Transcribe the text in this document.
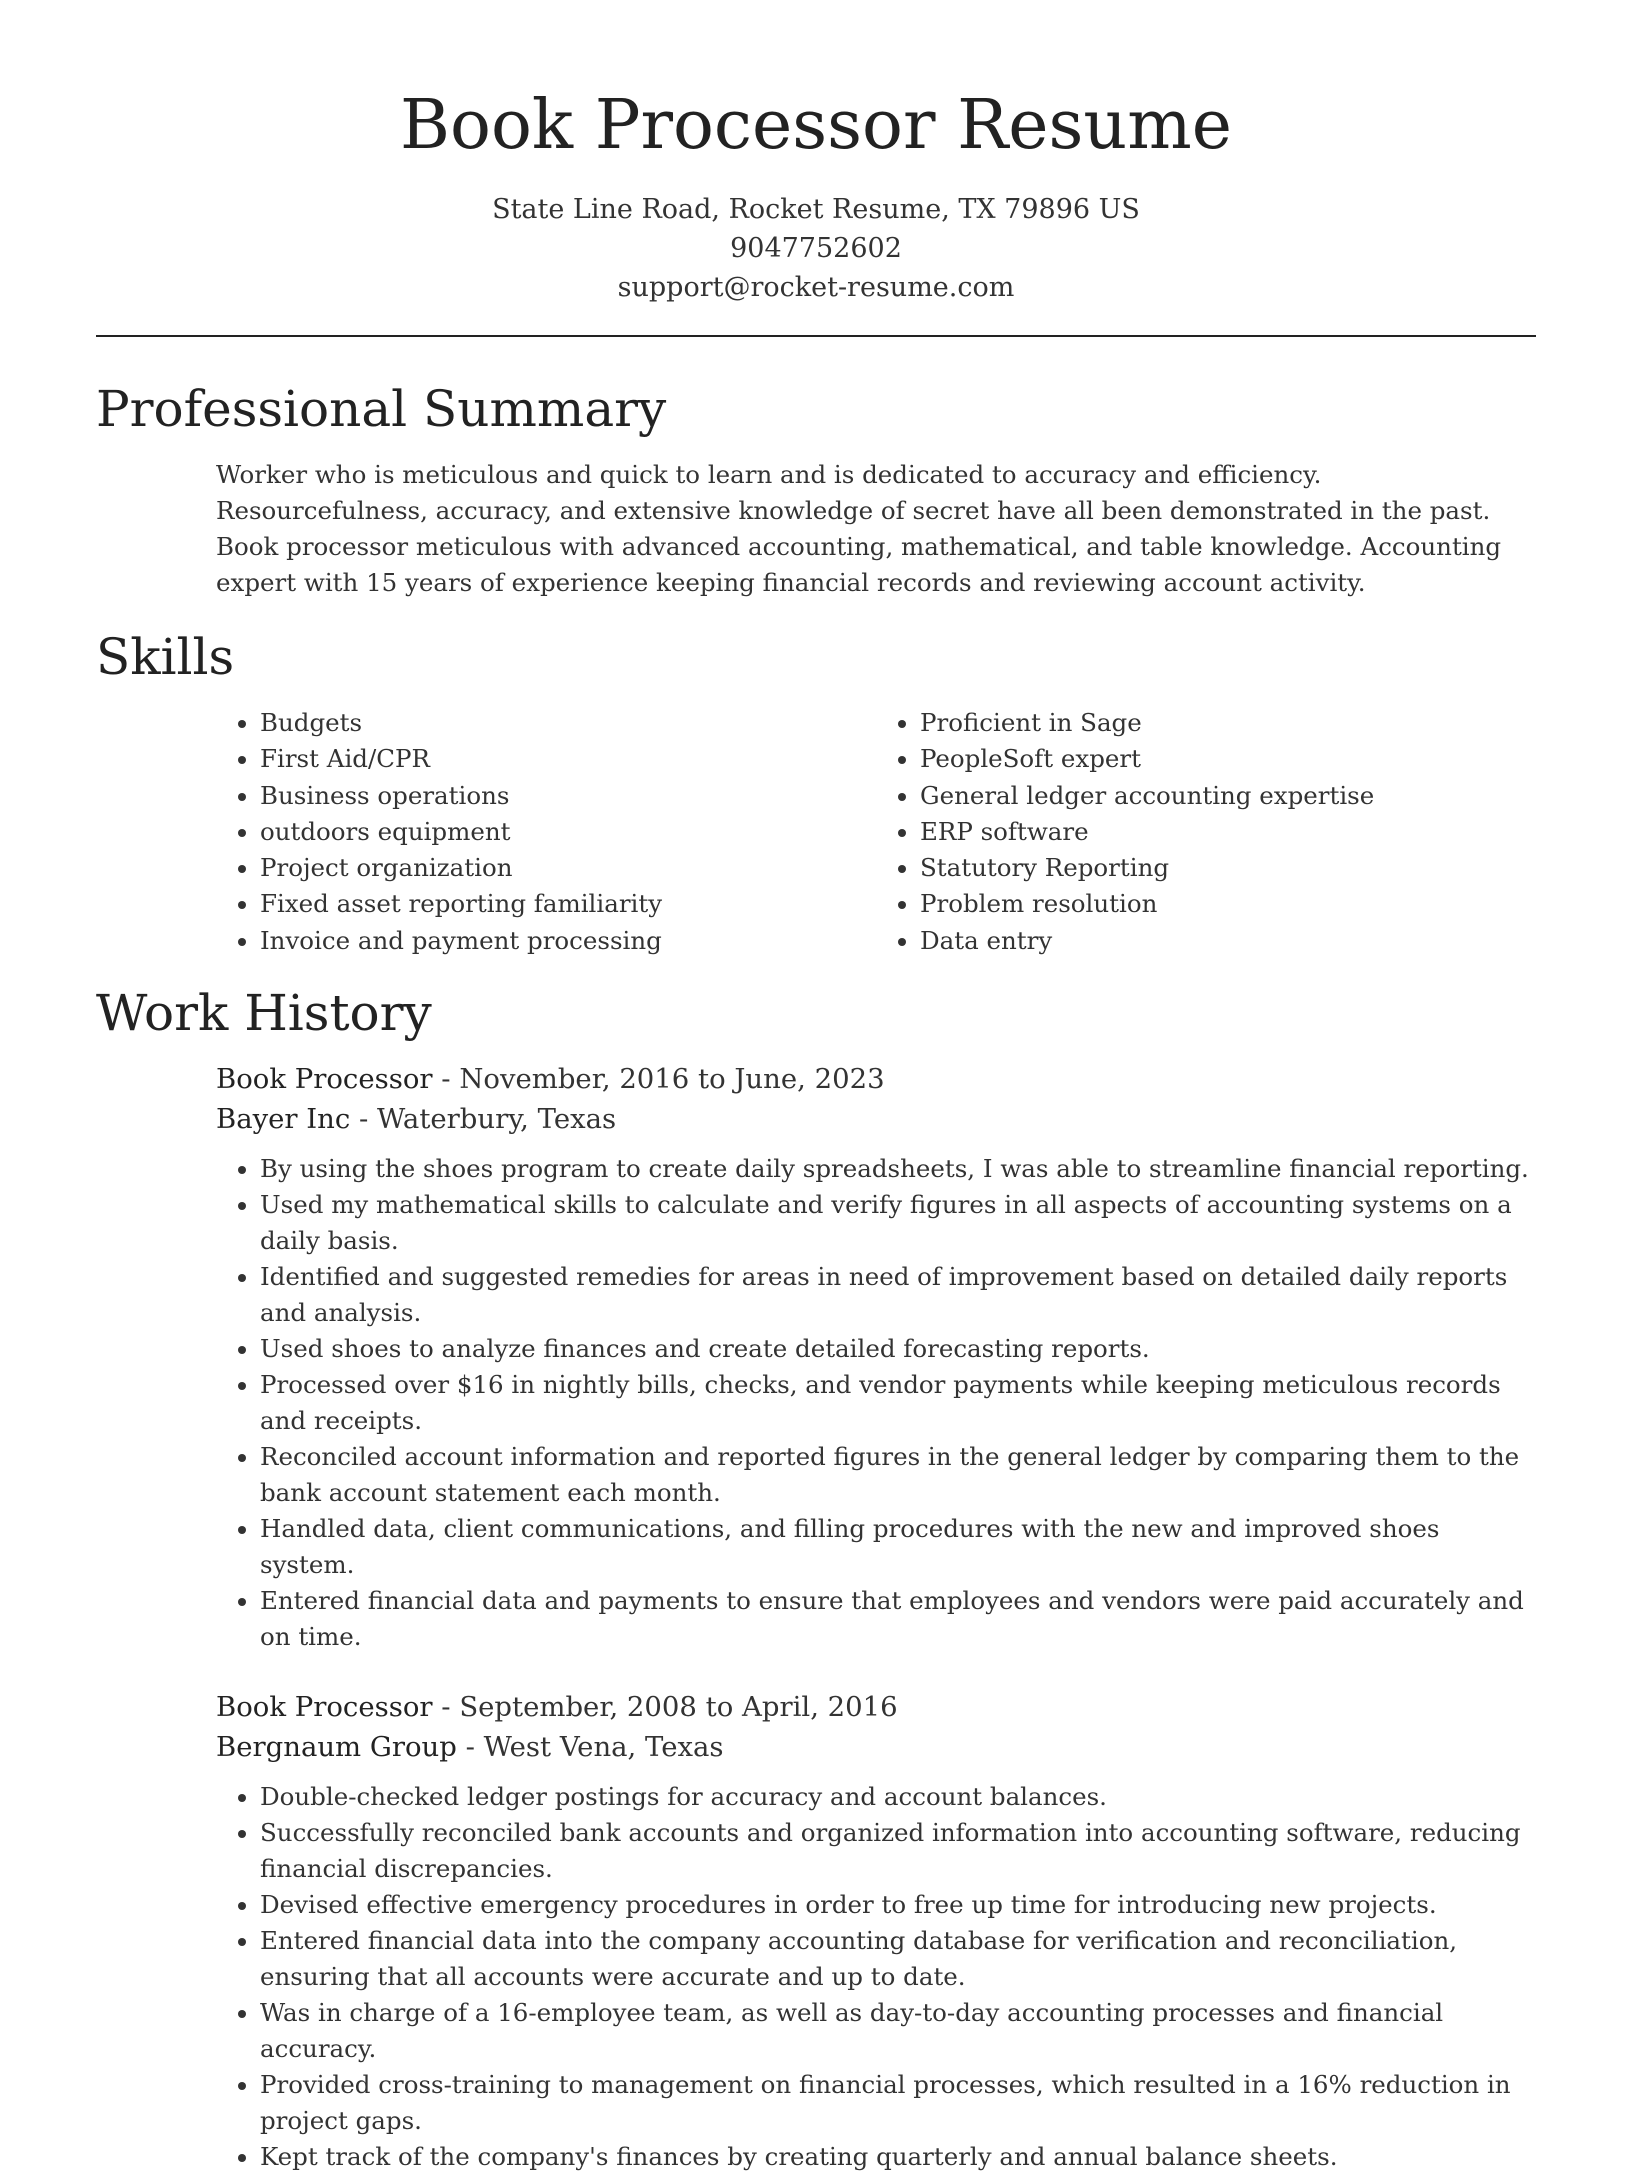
Book Processor Resume
State Line Road, Rocket Resume, TX 79896 US
9047752602
support@rocket-resume.com
Professional Summary

Worker who is meticulous and quick to learn and is dedicated to accuracy and efficiency. Resourcefulness, accuracy, and extensive knowledge of secret have all been demonstrated in the past. Book processor meticulous with advanced accounting, mathematical, and table knowledge. Accounting expert with 15 years of experience keeping financial records and reviewing account activity.

Skills
• Budgets
• First Aid/CPR
• Business operations
• outdoors equipment
• Project organization
• Fixed asset reporting familiarity
• Invoice and payment processing
• Proficient in Sage
• PeopleSoft expert
• General ledger accounting expertise
• ERP software
• Statutory Reporting
• Problem resolution
• Data entry
Work History
Book Processor - November, 2016 to June, 2023
Bayer Inc - Waterbury, Texas
• By using the shoes program to create daily spreadsheets, I was able to streamline financial reporting.
• Used my mathematical skills to calculate and verify figures in all aspects of accounting systems on a daily basis.
• Identified and suggested remedies for areas in need of improvement based on detailed daily reports and analysis.
• Used shoes to analyze finances and create detailed forecasting reports.
• Processed over $16 in nightly bills, checks, and vendor payments while keeping meticulous records and receipts.
• Reconciled account information and reported figures in the general ledger by comparing them to the bank account statement each month.
• Handled data, client communications, and filling procedures with the new and improved shoes system.
• Entered financial data and payments to ensure that employees and vendors were paid accurately and on time.
Book Processor - September, 2008 to April, 2016
Bergnaum Group - West Vena, Texas
• Double-checked ledger postings for accuracy and account balances.
• Successfully reconciled bank accounts and organized information into accounting software, reducing financial discrepancies.
• Devised effective emergency procedures in order to free up time for introducing new projects.
• Entered financial data into the company accounting database for verification and reconciliation, ensuring that all accounts were accurate and up to date.
• Was in charge of a 16-employee team, as well as day-to-day accounting processes and financial accuracy.
• Provided cross-training to management on financial processes, which resulted in a 16% reduction in project gaps.
• Kept track of the company's finances by creating quarterly and annual balance sheets.
